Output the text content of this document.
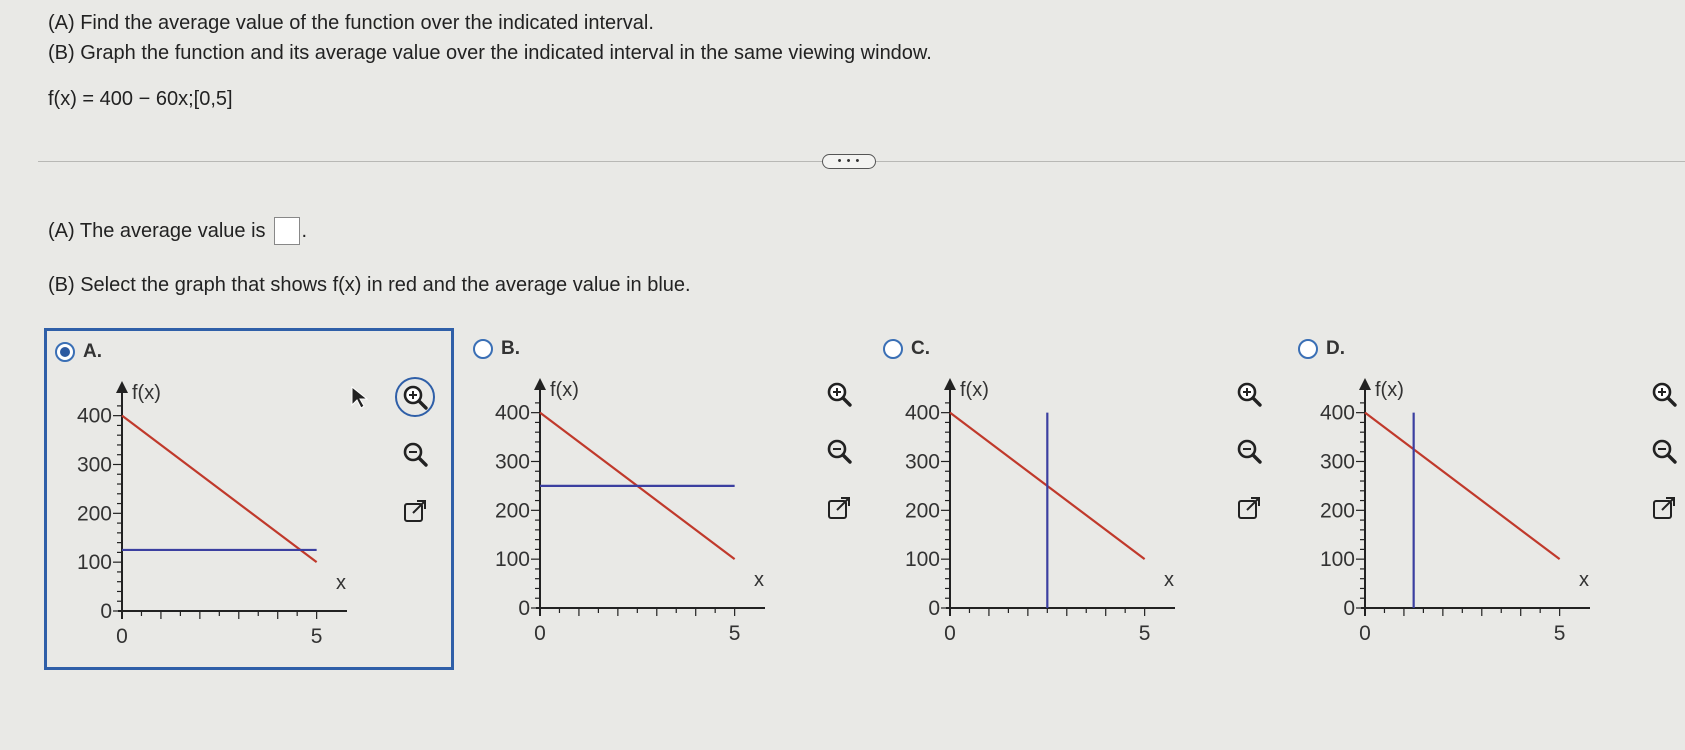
(A) Find the average value of the function over the indicated interval.
(B) Graph the function and its average value over the indicated interval in the same viewing window.
f(x) = 400 − 60x;[0,5]
• • •
(A) The average value is .
(B) Select the graph that shows f(x) in red and the average value in blue.
A.
400
300
200
100
0
0	5
f(x)
x
B.
400
300
200
100
0
0	5
f(x)
x
C.
400
300
200
100
0
0	5
f(x)
x
D.
400
300
200
100
0
0	5
f(x)
x
